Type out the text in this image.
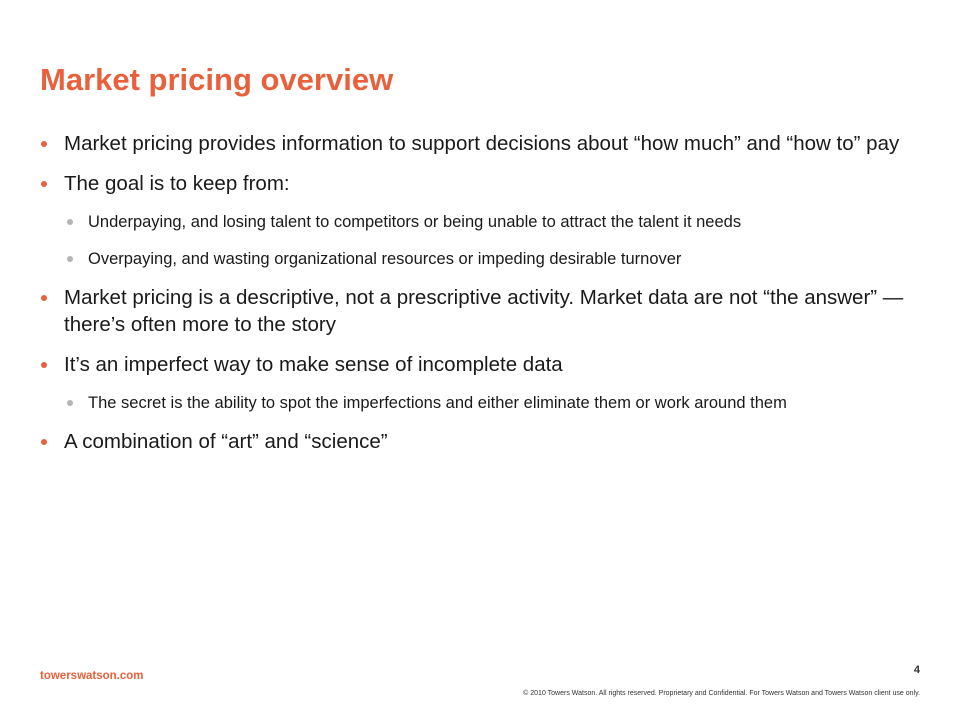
Market pricing overview
Market pricing provides information to support decisions about “how much” and “how to” pay
The goal is to keep from:
Underpaying, and losing talent to competitors or being unable to attract the talent it needs
Overpaying, and wasting organizational resources or impeding desirable turnover
Market pricing is a descriptive, not a prescriptive activity. Market data are not “the answer” — there’s often more to the story
It’s an imperfect way to make sense of incomplete data
The secret is the ability to spot the imperfections and either eliminate them or work around them
A combination of “art” and “science”
towerswatson.com	4
© 2010 Towers Watson. All rights reserved. Proprietary and Confidential. For Towers Watson and Towers Watson client use only.
